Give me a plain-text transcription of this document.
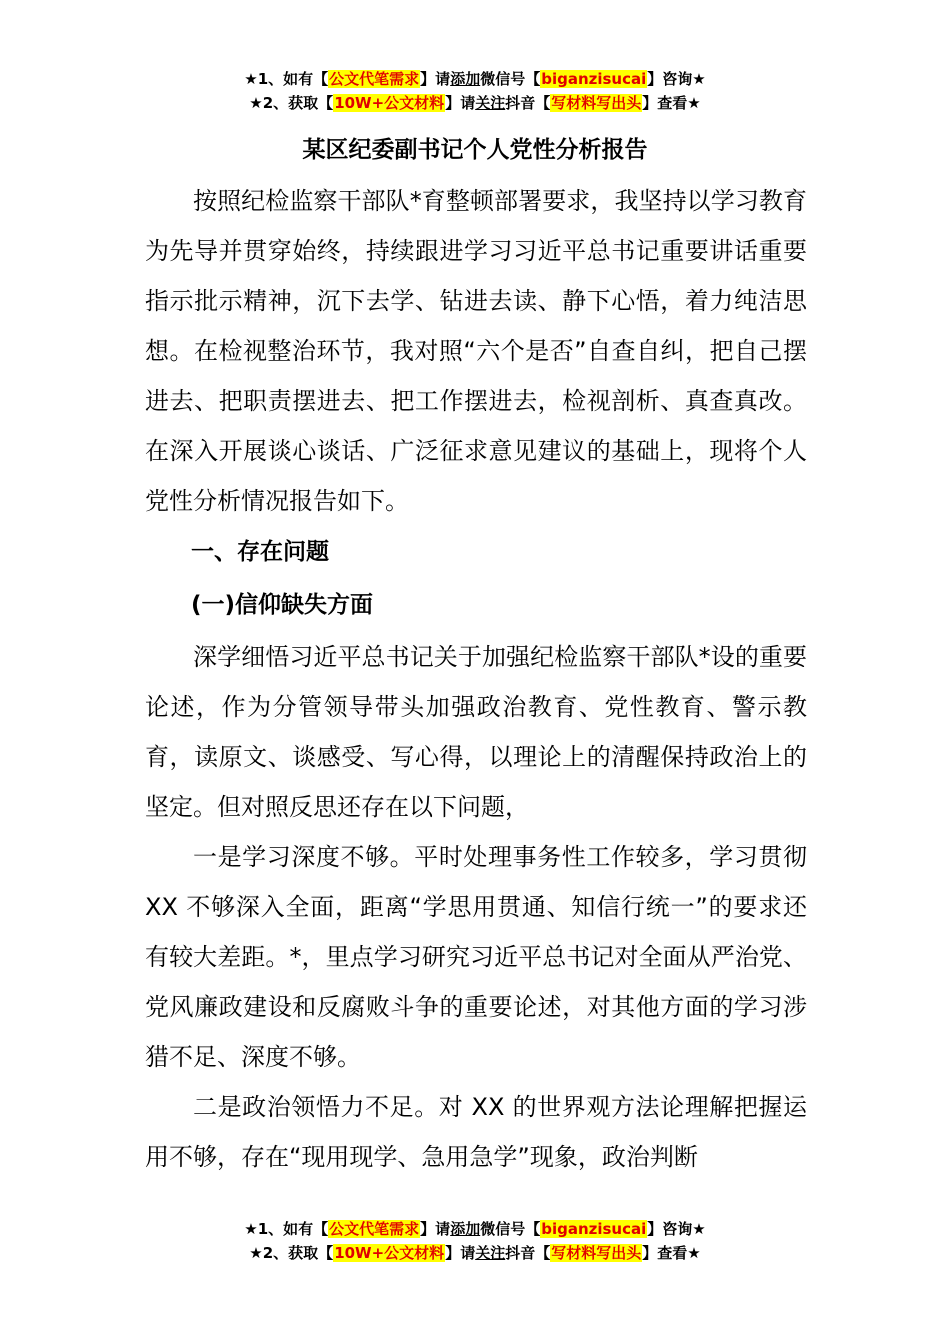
★1、如有【公文代笔需求】请添加微信号【biganzisucai】咨询★
★2、获取【10W+公文材料】请关注抖音【写材料写出头】查看★
某区纪委副书记个人党性分析报告

按照纪检监察干部队*育整顿部署要求，我坚持以学习教育为先导并贯穿始终，持续跟进学习习近平总书记重要讲话重要指示批示精神，沉下去学、钻进去读、静下心悟，着力纯洁思想。在检视整治环节，我对照“六个是否”自查自纠，把自己摆进去、把职责摆进去、把工作摆进去，检视剖析、真查真改。在深入开展谈心谈话、广泛征求意见建议的基础上，现将个人党性分析情况报告如下。

一、存在问题

(一)信仰缺失方面

深学细悟习近平总书记关于加强纪检监察干部队*设的重要论述，作为分管领导带头加强政治教育、党性教育、警示教育，读原文、谈感受、写心得，以理论上的清醒保持政治上的坚定。但对照反思还存在以下问题，

一是学习深度不够。平时处理事务性工作较多，学习贯彻 XX 不够深入全面，距离“学思用贯通、知信行统一”的要求还有较大差距。*，里点学习研究习近平总书记对全面从严治党、党风廉政建设和反腐败斗争的重要论述，对其他方面的学习涉猎不足、深度不够。

二是政治领悟力不足。对 XX 的世界观方法论理解把握运用不够，存在“现用现学、急用急学”现象，政治判断

★1、如有【公文代笔需求】请添加微信号【biganzisucai】咨询★
★2、获取【10W+公文材料】请关注抖音【写材料写出头】查看★
